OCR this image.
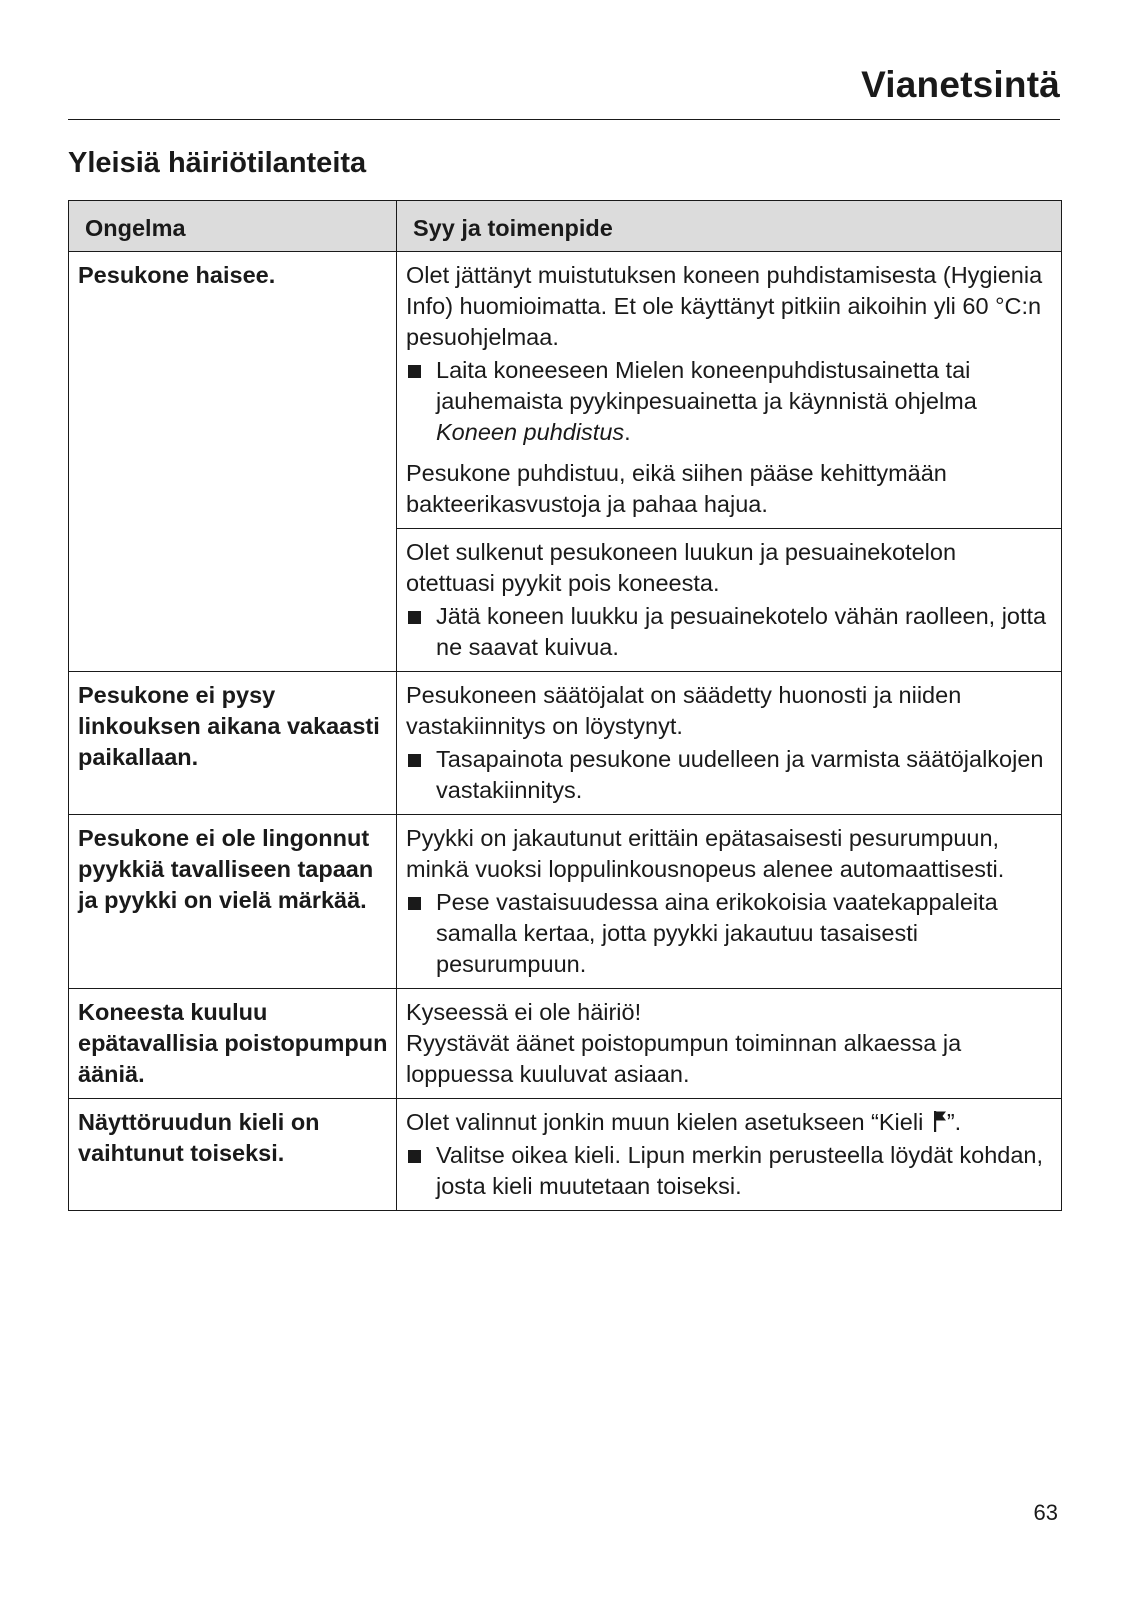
Vianetsintä
Yleisiä häiriötilanteita
Ongelma	Syy ja toimenpide
Pesukone haisee.	Olet jättänyt muistutuksen koneen puhdistamisesta (Hygienia Info) huomioimatta. Et ole käyttänyt pitkiin aikoihin yli 60 °C:n pesuohjelmaa.

Laita koneeseen Mielen koneenpuhdistusainetta tai jauhemaista pyykinpesuainetta ja käynnistä ohjelma Koneen puhdistus.

Pesukone puhdistuu, eikä siihen pääse kehittymään bakteerikasvustoja ja pahaa hajua.

	Olet sulkenut pesukoneen luukun ja pesuainekotelon otettuasi pyykit pois koneesta.

Jätä koneen luukku ja pesuainekotelo vähän raolleen, jotta ne saavat kuivua.

Pesukone ei pysy linkouksen aikana vakaasti paikallaan.	Pesukoneen säätöjalat on säädetty huonosti ja niiden vastakiinnitys on löystynyt.

Tasapainota pesukone uudelleen ja varmista säätöjalkojen vastakiinnitys.

Pesukone ei ole lingonnut pyykkiä tavalliseen tapaan ja pyykki on vielä märkää.	Pyykki on jakautunut erittäin epätasaisesti pesurumpuun, minkä vuoksi loppulinkousnopeus alenee automaattisesti.

Pese vastaisuudessa aina erikokoisia vaatekappaleita samalla kertaa, jotta pyykki jakautuu tasaisesti pesurumpuun.

Koneesta kuuluu epätavallisia poistopumpun ääniä.	Kyseessä ei ole häiriö!

Ryystävät äänet poistopumpun toiminnan alkaessa ja loppuessa kuuluvat asiaan.

Näyttöruudun kieli on vaihtunut toiseksi.	Olet valinnut jonkin muun kielen asetukseen “Kieli ”.

Valitse oikea kieli. Lipun merkin perusteella löydät kohdan, josta kieli muutetaan toiseksi.
63
